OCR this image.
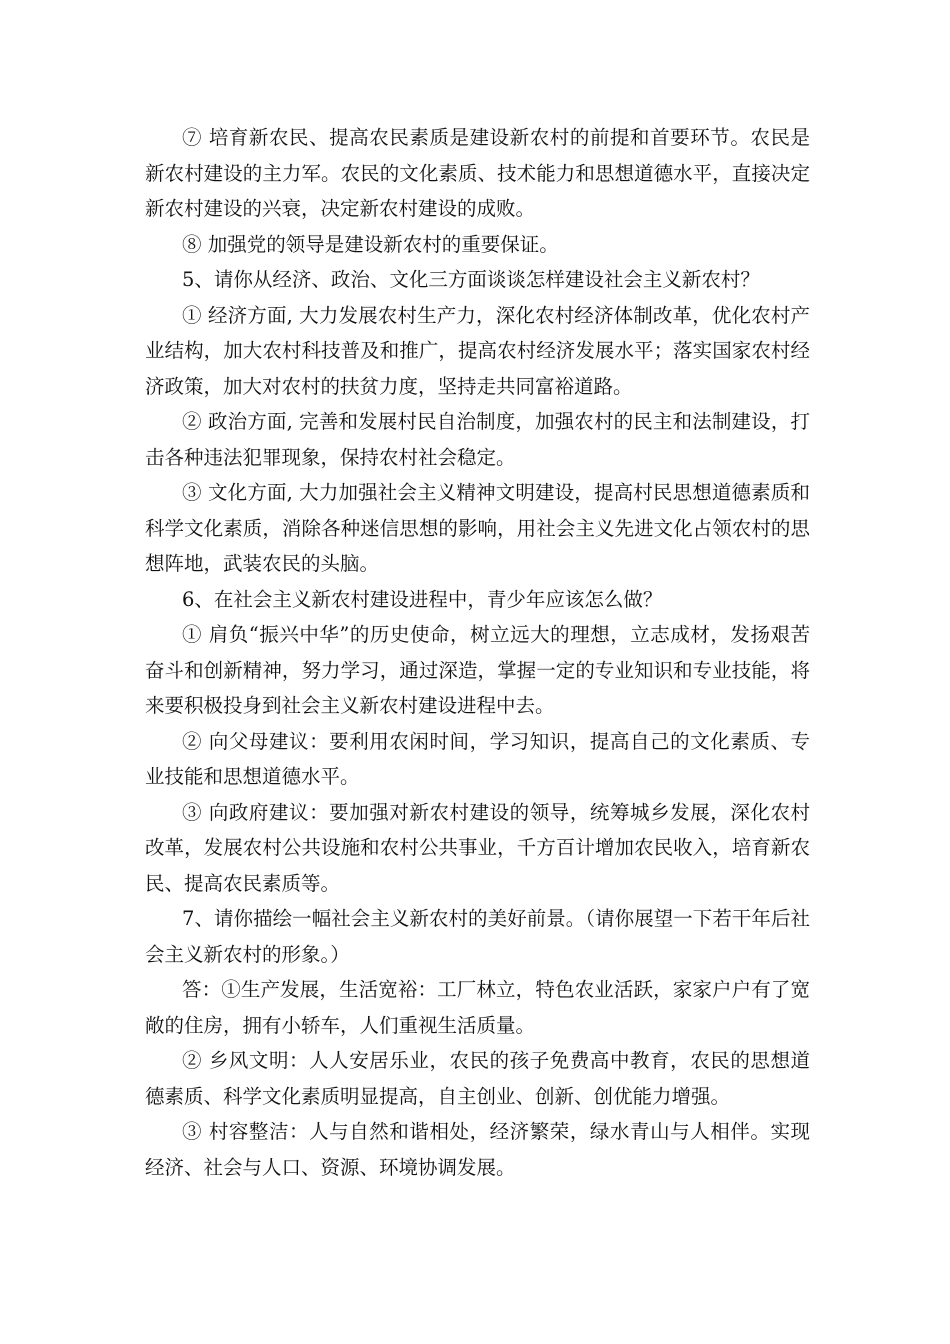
⑦ 培育新农民、提高农民素质是建设新农村的前提和首要环节。农民是新农村建设的主力军。农民的文化素质、技术能力和思想道德水平，直接决定新农村建设的兴衰，决定新农村建设的成败。

⑧ 加强党的领导是建设新农村的重要保证。

5、请你从经济、政治、文化三方面谈谈怎样建设社会主义新农村？

① 经济方面, 大力发展农村生产力，深化农村经济体制改革，优化农村产业结构，加大农村科技普及和推广，提高农村经济发展水平；落实国家农村经济政策，加大对农村的扶贫力度，坚持走共同富裕道路。

② 政治方面, 完善和发展村民自治制度，加强农村的民主和法制建设，打击各种违法犯罪现象，保持农村社会稳定。

③ 文化方面, 大力加强社会主义精神文明建设，提高村民思想道德素质和科学文化素质，消除各种迷信思想的影响，用社会主义先进文化占领农村的思想阵地，武装农民的头脑。

6、在社会主义新农村建设进程中，青少年应该怎么做？

① 肩负“振兴中华”的历史使命，树立远大的理想，立志成材，发扬艰苦奋斗和创新精神，努力学习，通过深造，掌握一定的专业知识和专业技能，将来要积极投身到社会主义新农村建设进程中去。

② 向父母建议：要利用农闲时间，学习知识，提高自己的文化素质、专业技能和思想道德水平。

③ 向政府建议：要加强对新农村建设的领导，统筹城乡发展，深化农村改革，发展农村公共设施和农村公共事业，千方百计增加农民收入，培育新农民、提高农民素质等。

7、请你描绘一幅社会主义新农村的美好前景。（请你展望一下若干年后社会主义新农村的形象。）

答：①生产发展，生活宽裕：工厂林立，特色农业活跃，家家户户有了宽敞的住房，拥有小轿车，人们重视生活质量。

② 乡风文明：人人安居乐业，农民的孩子免费高中教育，农民的思想道德素质、科学文化素质明显提高，自主创业、创新、创优能力增强。

③ 村容整洁：人与自然和谐相处，经济繁荣，绿水青山与人相伴。实现经济、社会与人口、资源、环境协调发展。
